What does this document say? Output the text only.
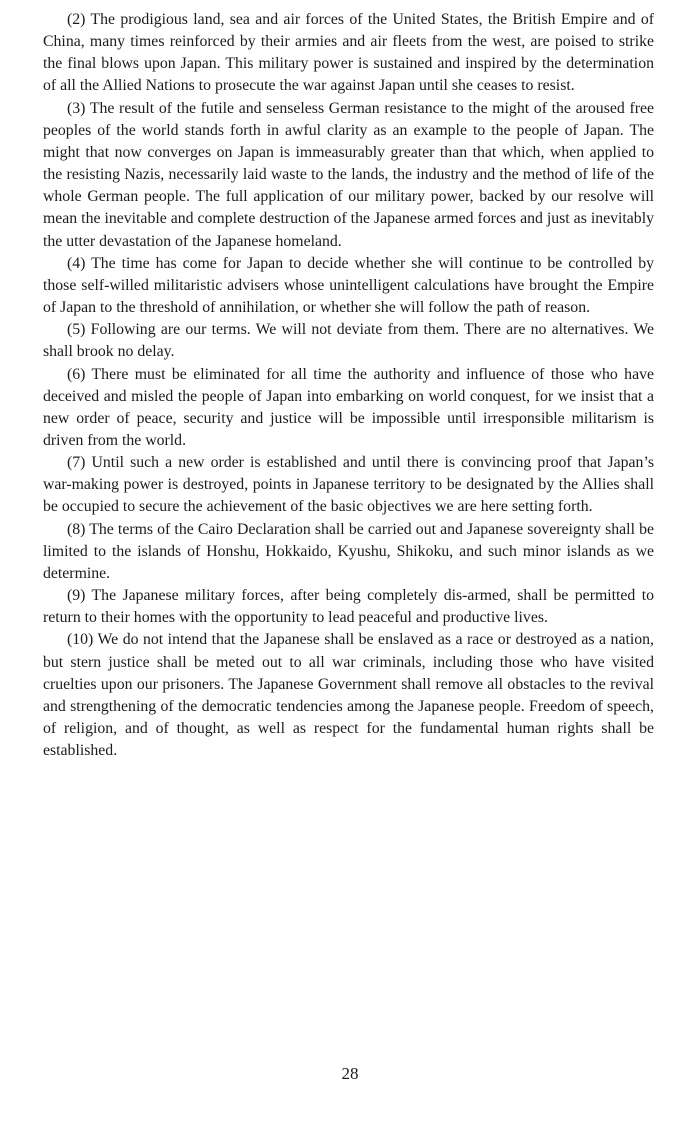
(2) The prodigious land, sea and air forces of the United States, the British Empire and of China, many times reinforced by their armies and air fleets from the west, are poised to strike the final blows upon Japan. This military power is sustained and inspired by the determination of all the Allied Nations to prosecute the war against Japan until she ceases to resist.

(3) The result of the futile and senseless German resistance to the might of the aroused free peoples of the world stands forth in awful clarity as an example to the people of Japan. The might that now converges on Japan is immeasurably greater than that which, when applied to the resisting Nazis, necessarily laid waste to the lands, the industry and the method of life of the whole German people. The full application of our military power, backed by our resolve will mean the inevitable and complete destruction of the Japanese armed forces and just as inevitably the utter devastation of the Japanese homeland.

(4) The time has come for Japan to decide whether she will continue to be controlled by those self-willed militaristic advisers whose unintelligent calculations have brought the Empire of Japan to the threshold of annihilation, or whether she will follow the path of reason.

(5) Following are our terms. We will not deviate from them. There are no alternatives. We shall brook no delay.

(6) There must be eliminated for all time the authority and influence of those who have deceived and misled the people of Japan into embarking on world conquest, for we insist that a new order of peace, security and justice will be impossible until irresponsible militarism is driven from the world.

(7) Until such a new order is established and until there is convincing proof that Japan’s war-making power is destroyed, points in Japanese territory to be designated by the Allies shall be occupied to secure the achievement of the basic objectives we are here setting forth.

(8) The terms of the Cairo Declaration shall be carried out and Japanese sovereignty shall be limited to the islands of Honshu, Hokkaido, Kyushu, Shikoku, and such minor islands as we determine.

(9) The Japanese military forces, after being completely dis-armed, shall be permitted to return to their homes with the opportunity to lead peaceful and productive lives.

(10) We do not intend that the Japanese shall be enslaved as a race or destroyed as a nation, but stern justice shall be meted out to all war criminals, including those who have visited cruelties upon our prisoners. The Japanese Government shall remove all obstacles to the revival and strengthening of the democratic tendencies among the Japanese people. Freedom of speech, of religion, and of thought, as well as respect for the fundamental human rights shall be established.

28
